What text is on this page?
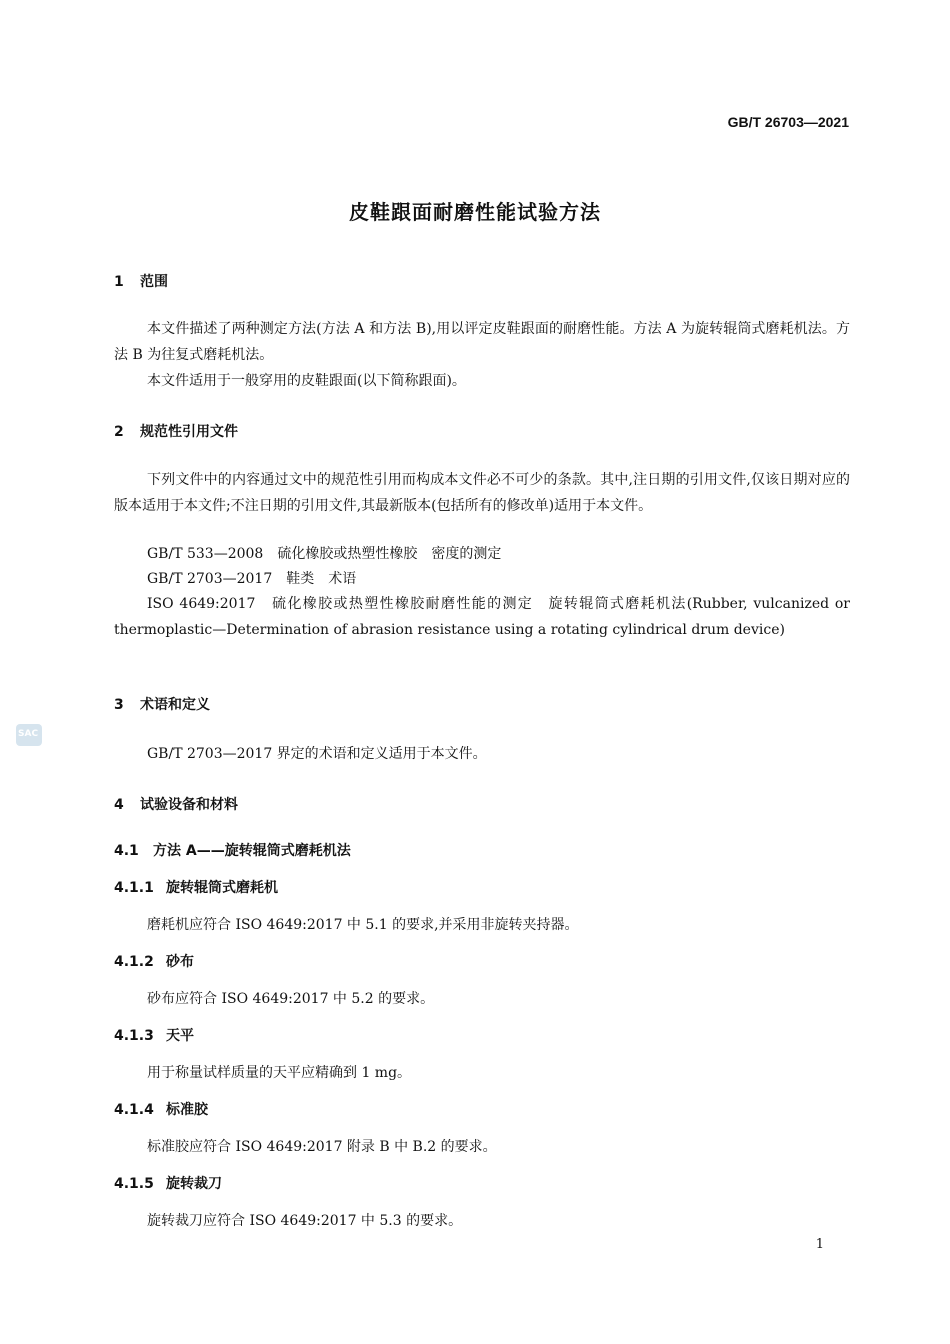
GB/T 26703—2021
皮鞋跟面耐磨性能试验方法
1 范围
本文件描述了两种测定方法(方法 A 和方法 B),用以评定皮鞋跟面的耐磨性能。方法 A 为旋转辊筒式磨耗机法。方法 B 为往复式磨耗机法。
本文件适用于一般穿用的皮鞋跟面(以下简称跟面)。
2 规范性引用文件
下列文件中的内容通过文中的规范性引用而构成本文件必不可少的条款。其中,注日期的引用文件,仅该日期对应的版本适用于本文件;不注日期的引用文件,其最新版本(包括所有的修改单)适用于本文件。
GB/T 533—2008　硫化橡胶或热塑性橡胶　密度的测定
GB/T 2703—2017　鞋类　术语
ISO 4649:2017　硫化橡胶或热塑性橡胶耐磨性能的测定　旋转辊筒式磨耗机法(Rubber, vulcanized or thermoplastic—Determination of abrasion resistance using a rotating cylindrical drum device)
3 术语和定义
GB/T 2703—2017 界定的术语和定义适用于本文件。
SAC
4 试验设备和材料
4.1 方法 A——旋转辊筒式磨耗机法
4.1.1 旋转辊筒式磨耗机
磨耗机应符合 ISO 4649:2017 中 5.1 的要求,并采用非旋转夹持器。
4.1.2 砂布
砂布应符合 ISO 4649:2017 中 5.2 的要求。
4.1.3 天平
用于称量试样质量的天平应精确到 1 mg。
4.1.4 标准胶
标准胶应符合 ISO 4649:2017 附录 B 中 B.2 的要求。
4.1.5 旋转裁刀
旋转裁刀应符合 ISO 4649:2017 中 5.3 的要求。
1
